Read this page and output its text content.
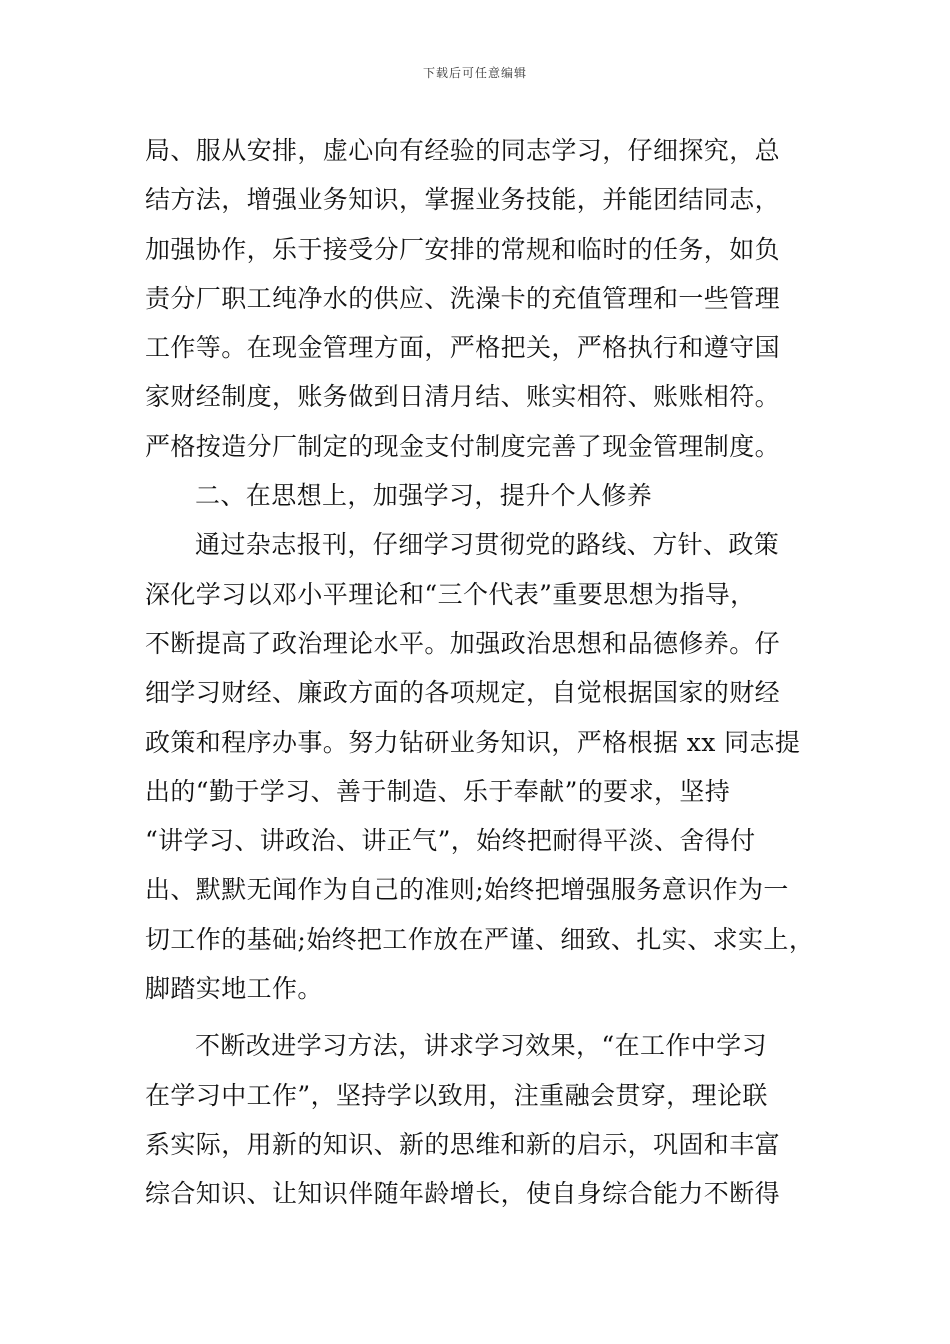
下载后可任意编辑
局、服从安排，虚心向有经验的同志学习，仔细探究，总
结方法，增强业务知识，掌握业务技能，并能团结同志，
加强协作，乐于接受分厂安排的常规和临时的任务，如负
责分厂职工纯净水的供应、洗澡卡的充值管理和一些管理
工作等。在现金管理方面，严格把关，严格执行和遵守国
家财经制度，账务做到日清月结、账实相符、账账相符。
严格按造分厂制定的现金支付制度完善了现金管理制度。
二、在思想上，加强学习，提升个人修养
通过杂志报刊，仔细学习贯彻党的路线、方针、政策
深化学习以邓小平理论和“三个代表”重要思想为指导，
不断提高了政治理论水平。加强政治思想和品德修养。仔
细学习财经、廉政方面的各项规定，自觉根据国家的财经
政策和程序办事。努力钻研业务知识，严格根据 xx 同志提
出的“勤于学习、善于制造、乐于奉献”的要求，坚持
“讲学习、讲政治、讲正气”，始终把耐得平淡、舍得付
出、默默无闻作为自己的准则;始终把增强服务意识作为一
切工作的基础;始终把工作放在严谨、细致、扎实、求实上，
脚踏实地工作。
不断改进学习方法，讲求学习效果，“在工作中学习
在学习中工作”，坚持学以致用，注重融会贯穿，理论联
系实际，用新的知识、新的思维和新的启示，巩固和丰富
综合知识、让知识伴随年龄增长，使自身综合能力不断得
